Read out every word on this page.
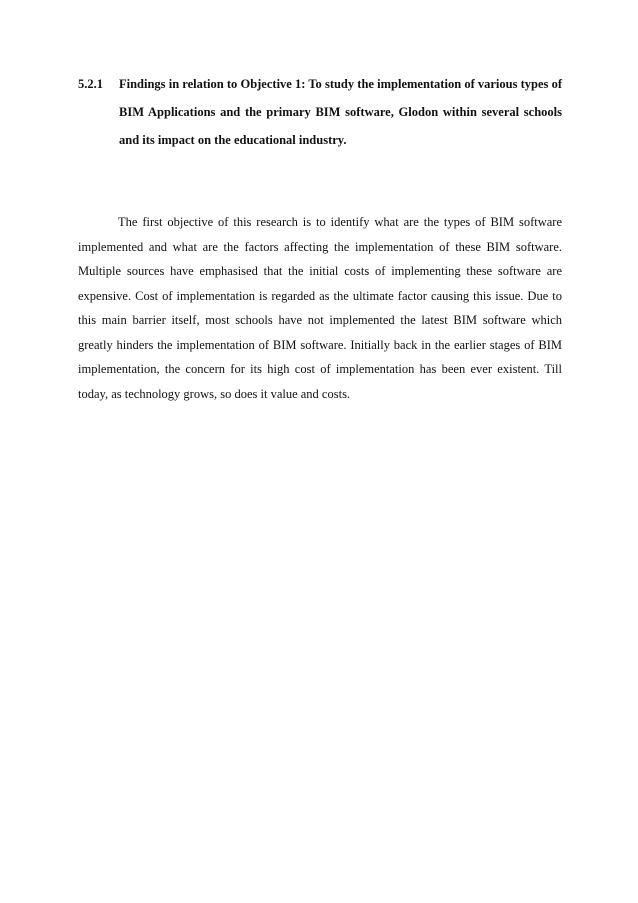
5.2.1	Findings in relation to Objective 1: To study the implementation of various types of BIM Applications and the primary BIM software, Glodon within several schools and its impact on the educational industry.

The first objective of this research is to identify what are the types of BIM software implemented and what are the factors affecting the implementation of these BIM software. Multiple sources have emphasised that the initial costs of implementing these software are expensive. Cost of implementation is regarded as the ultimate factor causing this issue. Due to this main barrier itself, most schools have not implemented the latest BIM software which greatly hinders the implementation of BIM software. Initially back in the earlier stages of BIM implementation, the concern for its high cost of implementation has been ever existent. Till today, as technology grows, so does it value and costs.
